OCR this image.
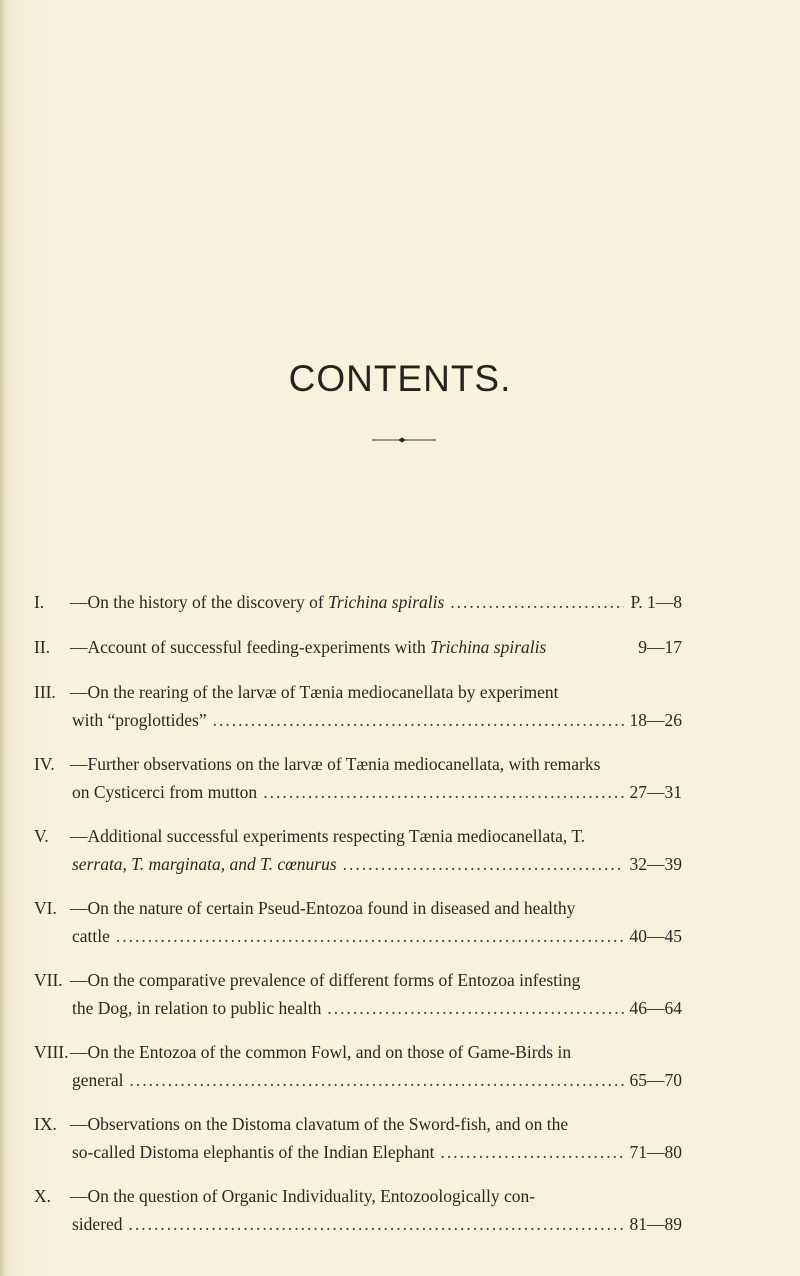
CONTENTS.
I. —On the history of the discovery of Trichina spiralis .....	P. 1—8
II. —Account of successful feeding-experiments with Trichina spiralis	9—17
III. —On the rearing of the larvæ of Tænia mediocanellata by experiment
with “proglottides” .....	18—26
IV. —Further observations on the larvæ of Tænia mediocanellata, with remarks
on Cysticerci from mutton .....	27—31
V. —Additional successful experiments respecting Tænia mediocanellata, T.
serrata, T. marginata, and T. cœnurus .....	32—39
VI. —On the nature of certain Pseud-Entozoa found in diseased and healthy
cattle .....	40—45
VII. —On the comparative prevalence of different forms of Entozoa infesting
the Dog, in relation to public health .....	46—64
VIII. —On the Entozoa of the common Fowl, and on those of Game-Birds in
general .....	65—70
IX. —Observations on the Distoma clavatum of the Sword-fish, and on the
so-called Distoma elephantis of the Indian Elephant .....	71—80
X. —On the question of Organic Individuality, Entozoologically con-
sidered .....	81—89
